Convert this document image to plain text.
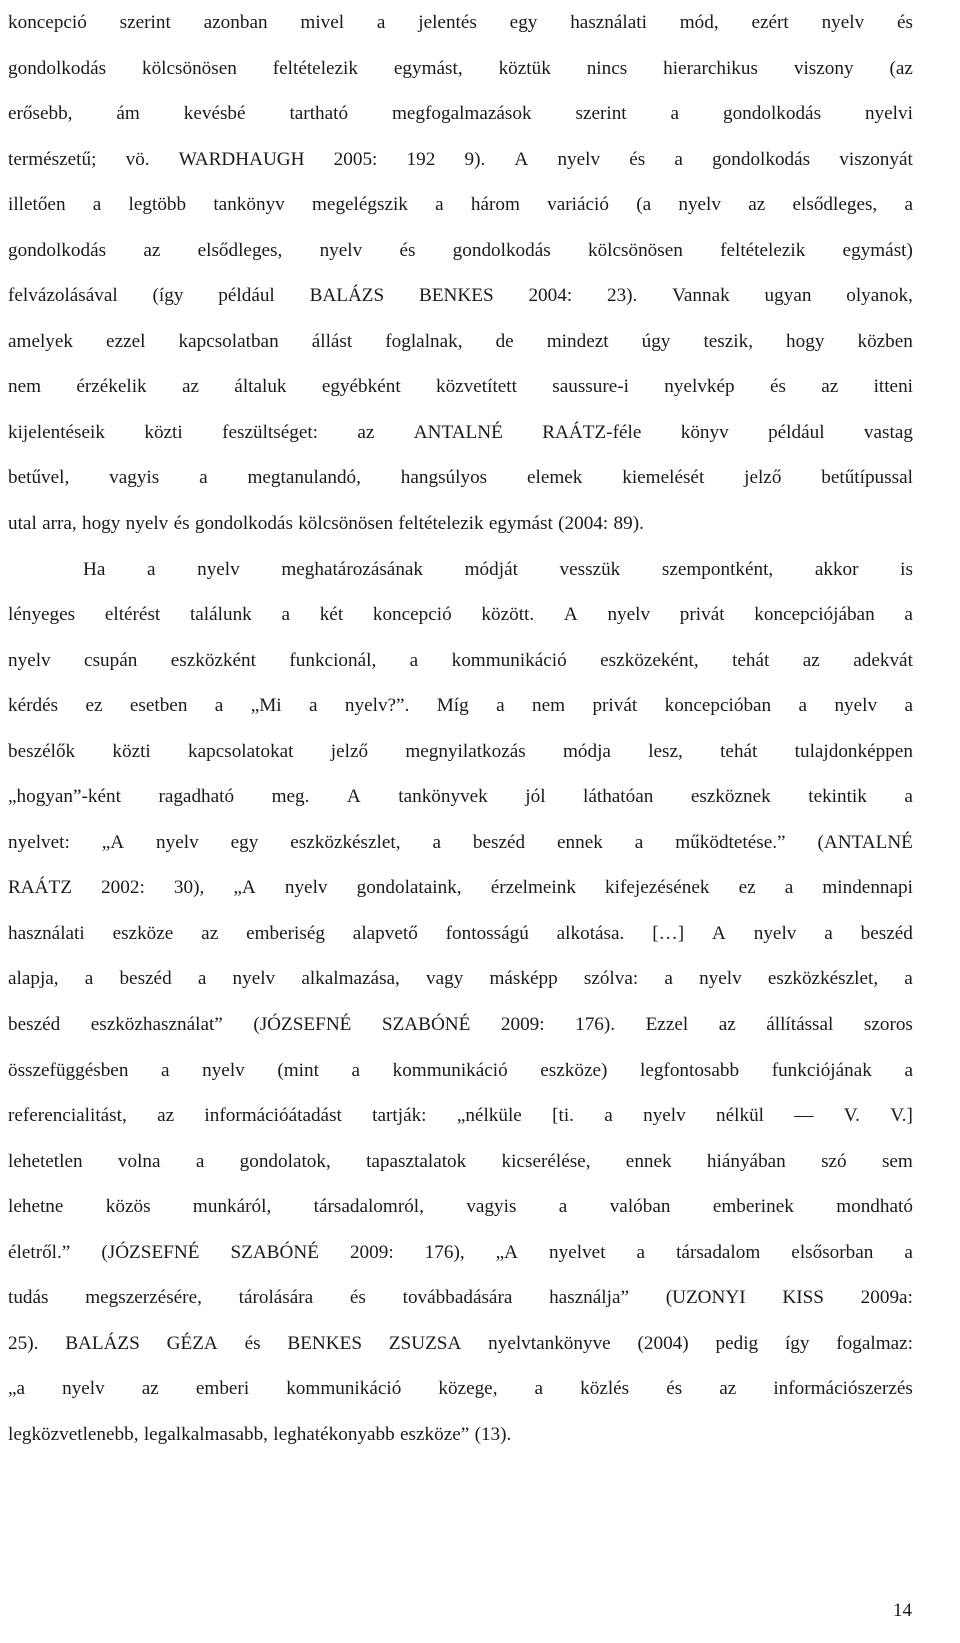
koncepció szerint azonban mivel a jelentés egy használati mód, ezért nyelv és
gondolkodás kölcsönösen feltételezik egymást, köztük nincs hierarchikus viszony (az
erősebb, ám kevésbé tartható megfogalmazások szerint a gondolkodás nyelvi
természetű; vö. WARDHAUGH 2005: 192 9). A nyelv és a gondolkodás viszonyát
illetően a legtöbb tankönyv megelégszik a három variáció (a nyelv az elsődleges, a
gondolkodás az elsődleges, nyelv és gondolkodás kölcsönösen feltételezik egymást)
felvázolásával (így például BALÁZS BENKES 2004: 23). Vannak ugyan olyanok,
amelyek ezzel kapcsolatban állást foglalnak, de mindezt úgy teszik, hogy közben
nem érzékelik az általuk egyébként közvetített saussure-i nyelvkép és az itteni
kijelentéseik közti feszültséget: az ANTALNÉ RAÁTZ-féle könyv például vastag
betűvel, vagyis a megtanulandó, hangsúlyos elemek kiemelését jelző betűtípussal
utal arra, hogy nyelv és gondolkodás kölcsönösen feltételezik egymást (2004: 89).
Ha a nyelv meghatározásának módját vesszük szempontként, akkor is
lényeges eltérést találunk a két koncepció között. A nyelv privát koncepciójában a
nyelv csupán eszközként funkcionál, a kommunikáció eszközeként, tehát az adekvát
kérdés ez esetben a „Mi a nyelv?”. Míg a nem privát koncepcióban a nyelv a
beszélők közti kapcsolatokat jelző megnyilatkozás módja lesz, tehát tulajdonképpen
„hogyan”-ként ragadható meg. A tankönyvek jól láthatóan eszköznek tekintik a
nyelvet: „A nyelv egy eszközkészlet, a beszéd ennek a működtetése.” (ANTALNÉ
RAÁTZ 2002: 30), „A nyelv gondolataink, érzelmeink kifejezésének ez a mindennapi
használati eszköze az emberiség alapvető fontosságú alkotása. […] A nyelv a beszéd
alapja, a beszéd a nyelv alkalmazása, vagy másképp szólva: a nyelv eszközkészlet, a
beszéd eszközhasználat” (JÓZSEFNÉ SZABÓNÉ 2009: 176). Ezzel az állítással szoros
összefüggésben a nyelv (mint a kommunikáció eszköze) legfontosabb funkciójának a
referencialitást, az információátadást tartják: „nélküle [ti. a nyelv nélkül — V. V.]
lehetetlen volna a gondolatok, tapasztalatok kicserélése, ennek hiányában szó sem
lehetne közös munkáról, társadalomról, vagyis a valóban emberinek mondható
életről.” (JÓZSEFNÉ SZABÓNÉ 2009: 176), „A nyelvet a társadalom elsősorban a
tudás megszerzésére, tárolására és továbbadására használja” (UZONYI KISS 2009a:
25). BALÁZS GÉZA és BENKES ZSUZSA nyelvtankönyve (2004) pedig így fogalmaz:
„a nyelv az emberi kommunikáció közege, a közlés és az információszerzés
legközvetlenebb, legalkalmasabb, leghatékonyabb eszköze” (13).
14
